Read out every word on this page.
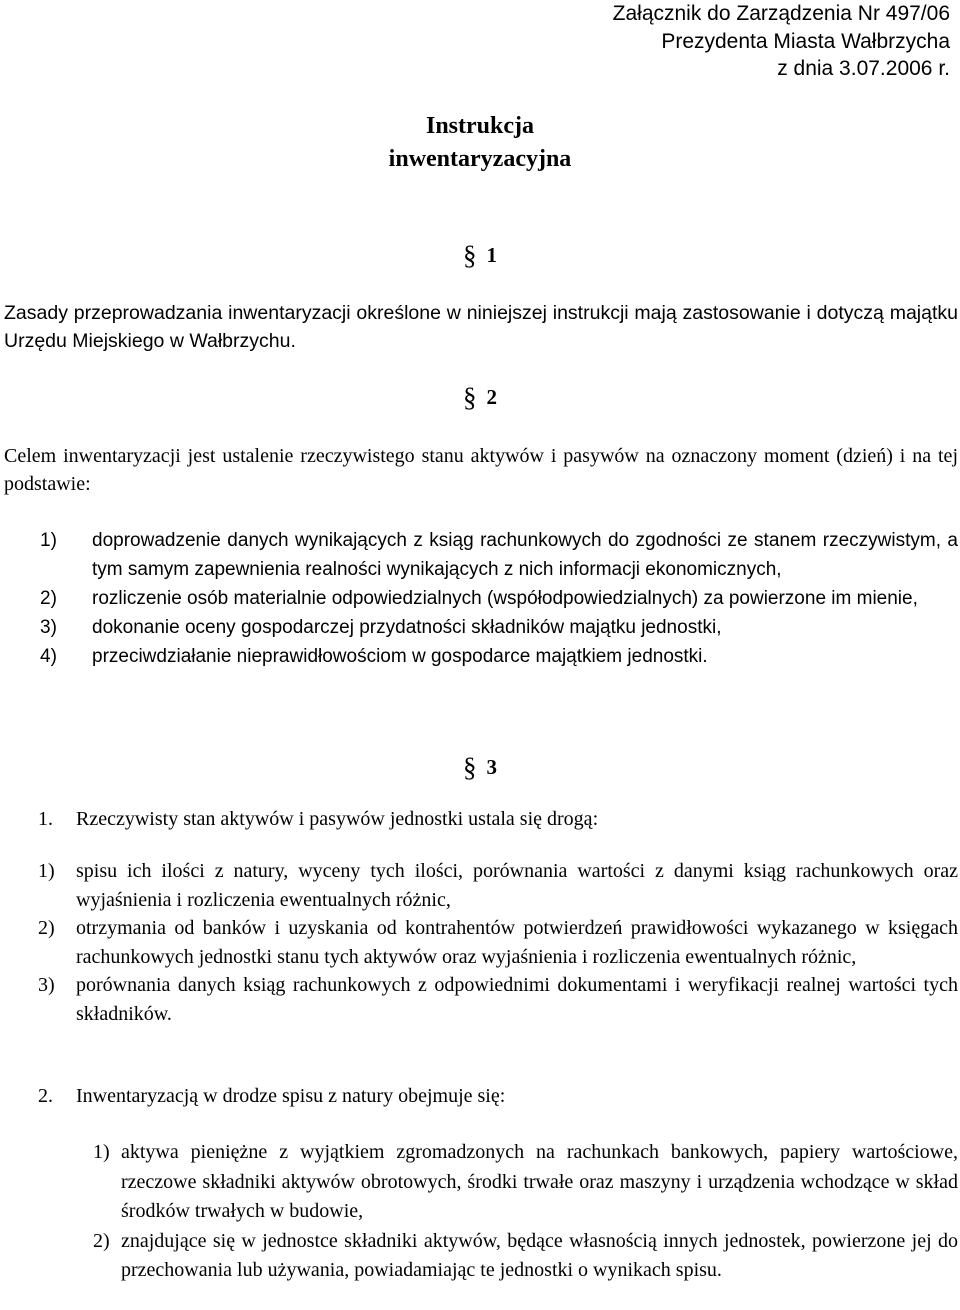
Załącznik do Zarządzenia Nr 497/06
Prezydenta Miasta Wałbrzycha
z dnia 3.07.2006 r.
Instrukcja
inwentaryzacyjna
§ 1
Zasady przeprowadzania inwentaryzacji określone w niniejszej instrukcji mają zastosowanie i dotyczą majątku Urzędu Miejskiego w Wałbrzychu.
§ 2
Celem inwentaryzacji jest ustalenie rzeczywistego stanu aktywów i pasywów na oznaczony moment (dzień) i na tej podstawie:
1)	doprowadzenie danych wynikających z ksiąg rachunkowych do zgodności ze stanem rzeczywistym, a tym samym zapewnienia realności wynikających z nich informacji ekonomicznych,
2)	rozliczenie osób materialnie odpowiedzialnych (współodpowiedzialnych) za powierzone im mienie,
3)	dokonanie oceny gospodarczej przydatności składników majątku jednostki,
4)	przeciwdziałanie nieprawidłowościom w gospodarce majątkiem jednostki.
§ 3
1.	Rzeczywisty stan aktywów i pasywów jednostki ustala się drogą:
1)	spisu ich ilości z natury, wyceny tych ilości, porównania wartości z danymi ksiąg rachunkowych oraz wyjaśnienia i rozliczenia ewentualnych różnic,
2)	otrzymania od banków i uzyskania od kontrahentów potwierdzeń prawidłowości wykazanego w księgach rachunkowych jednostki stanu tych aktywów oraz wyjaśnienia i rozliczenia ewentualnych różnic,
3)	porównania danych ksiąg rachunkowych z odpowiednimi dokumentami i weryfikacji realnej wartości tych składników.
2.	Inwentaryzacją w drodze spisu z natury obejmuje się:
1) aktywa pieniężne z wyjątkiem zgromadzonych na rachunkach bankowych, papiery wartościowe, rzeczowe składniki aktywów obrotowych, środki trwałe oraz maszyny i urządzenia wchodzące w skład środków trwałych w budowie,
2) znajdujące się w jednostce składniki aktywów, będące własnością innych jednostek, powierzone jej do przechowania lub używania, powiadamiając te jednostki o wynikach spisu.
